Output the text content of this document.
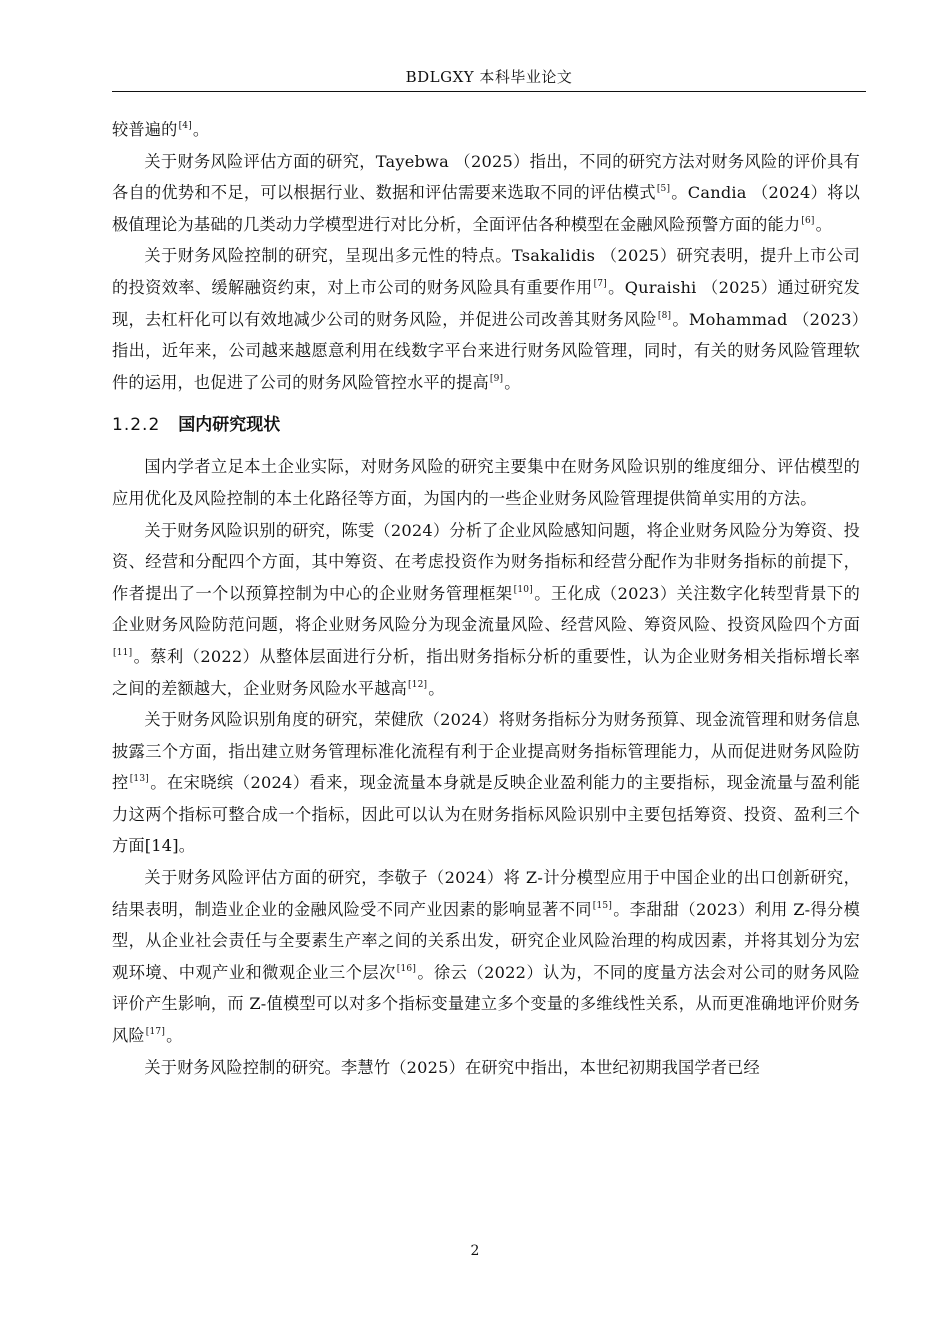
BDLGXY 本科毕业论文

较普遍的[4]。

关于财务风险评估方面的研究，Tayebwa （2025）指出，不同的研究方法对财务风险的评价具有各自的优势和不足，可以根据行业、数据和评估需要来选取不同的评估模式[5]。Candia （2024）将以极值理论为基础的几类动力学模型进行对比分析，全面评估各种模型在金融风险预警方面的能力[6]。

关于财务风险控制的研究，呈现出多元性的特点。Tsakalidis （2025）研究表明，提升上市公司的投资效率、缓解融资约束，对上市公司的财务风险具有重要作用[7]。Quraishi （2025）通过研究发现，去杠杆化可以有效地减少公司的财务风险，并促进公司改善其财务风险[8]。Mohammad （2023）指出，近年来，公司越来越愿意利用在线数字平台来进行财务风险管理，同时，有关的财务风险管理软件的运用，也促进了公司的财务风险管控水平的提高[9]。

1.2.2 国内研究现状

国内学者立足本土企业实际，对财务风险的研究主要集中在财务风险识别的维度细分、评估模型的应用优化及风险控制的本土化路径等方面，为国内的一些企业财务风险管理提供简单实用的方法。

关于财务风险识别的研究，陈雯（2024）分析了企业风险感知问题，将企业财务风险分为筹资、投资、经营和分配四个方面，其中筹资、在考虑投资作为财务指标和经营分配作为非财务指标的前提下，作者提出了一个以预算控制为中心的企业财务管理框架[10]。王化成（2023）关注数字化转型背景下的企业财务风险防范问题，将企业财务风险分为现金流量风险、经营风险、筹资风险、投资风险四个方面[11]。蔡利（2022）从整体层面进行分析，指出财务指标分析的重要性，认为企业财务相关指标增长率之间的差额越大，企业财务风险水平越高[12]。

关于财务风险识别角度的研究，荣健欣（2024）将财务指标分为财务预算、现金流管理和财务信息披露三个方面，指出建立财务管理标准化流程有利于企业提高财务指标管理能力，从而促进财务风险防控[13]。在宋晓缤（2024）看来，现金流量本身就是反映企业盈利能力的主要指标，现金流量与盈利能力这两个指标可整合成一个指标，因此可以认为在财务指标风险识别中主要包括筹资、投资、盈利三个方面[14]。

关于财务风险评估方面的研究，李敬子（2024）将 Z-计分模型应用于中国企业的出口创新研究，结果表明，制造业企业的金融风险受不同产业因素的影响显著不同[15]。李甜甜（2023）利用 Z-得分模型，从企业社会责任与全要素生产率之间的关系出发，研究企业风险治理的构成因素，并将其划分为宏观环境、中观产业和微观企业三个层次[16]。徐云（2022）认为，不同的度量方法会对公司的财务风险评价产生影响，而 Z-值模型可以对多个指标变量建立多个变量的多维线性关系，从而更准确地评价财务风险[17]。

关于财务风险控制的研究。李慧竹（2025）在研究中指出，本世纪初期我国学者已经

2
